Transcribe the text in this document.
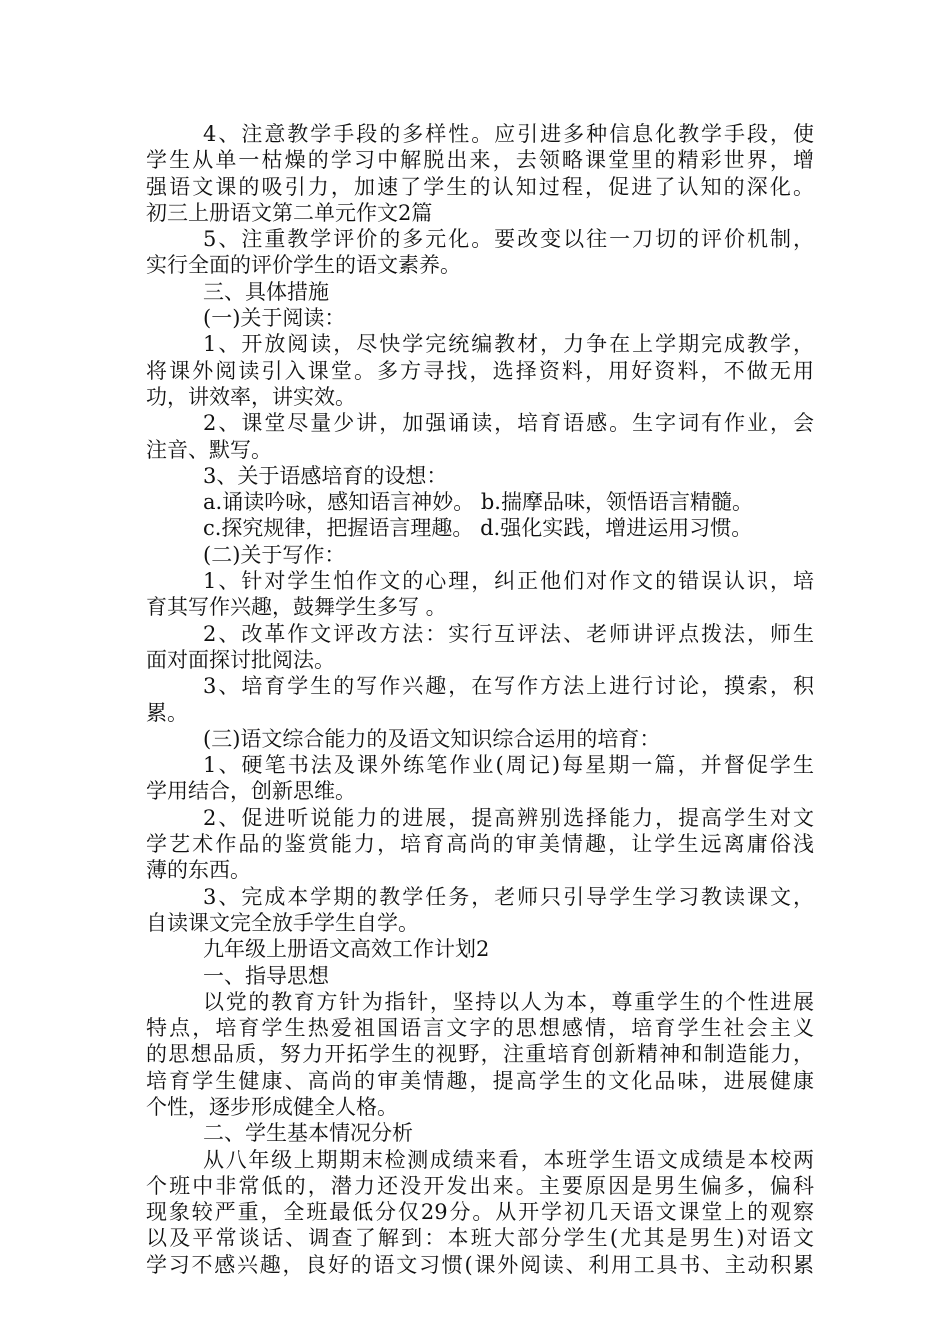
4、注意教学手段的多样性。应引进多种信息化教学手段，使
学生从单一枯燥的学习中解脱出来，去领略课堂里的精彩世界，增
强语文课的吸引力，加速了学生的认知过程，促进了认知的深化。
初三上册语文第二单元作文2篇
5、注重教学评价的多元化。要改变以往一刀切的评价机制，
实行全面的评价学生的语文素养。
三、具体措施
(一)关于阅读：
1、开放阅读，尽快学完统编教材，力争在上学期完成教学，
将课外阅读引入课堂。多方寻找，选择资料，用好资料，不做无用
功，讲效率，讲实效。
2、课堂尽量少讲，加强诵读，培育语感。生字词有作业，会
注音、默写。
3、关于语感培育的设想：
a.诵读吟咏，感知语言神妙。 b.揣摩品味，领悟语言精髓。
c.探究规律，把握语言理趣。 d.强化实践，增进运用习惯。
(二)关于写作：
1、针对学生怕作文的心理，纠正他们对作文的错误认识，培
育其写作兴趣，鼓舞学生多写 。
2、改革作文评改方法：实行互评法、老师讲评点拨法，师生
面对面探讨批阅法。
3、培育学生的写作兴趣，在写作方法上进行讨论，摸索，积
累。
(三)语文综合能力的及语文知识综合运用的培育：
1、硬笔书法及课外练笔作业(周记)每星期一篇，并督促学生
学用结合，创新思维。
2、促进听说能力的进展，提高辨别选择能力，提高学生对文
学艺术作品的鉴赏能力，培育高尚的审美情趣，让学生远离庸俗浅
薄的东西。
3、完成本学期的教学任务，老师只引导学生学习教读课文，
自读课文完全放手学生自学。
九年级上册语文高效工作计划2
一、指导思想
以党的教育方针为指针，坚持以人为本，尊重学生的个性进展
特点，培育学生热爱祖国语言文字的思想感情，培育学生社会主义
的思想品质，努力开拓学生的视野，注重培育创新精神和制造能力，
培育学生健康、高尚的审美情趣，提高学生的文化品味，进展健康
个性，逐步形成健全人格。
二、学生基本情况分析
从八年级上期期末检测成绩来看，本班学生语文成绩是本校两
个班中非常低的，潜力还没开发出来。主要原因是男生偏多，偏科
现象较严重，全班最低分仅29分。从开学初几天语文课堂上的观察
以及平常谈话、调查了解到：本班大部分学生(尤其是男生)对语文
学习不感兴趣，良好的语文习惯(课外阅读、利用工具书、主动积累
